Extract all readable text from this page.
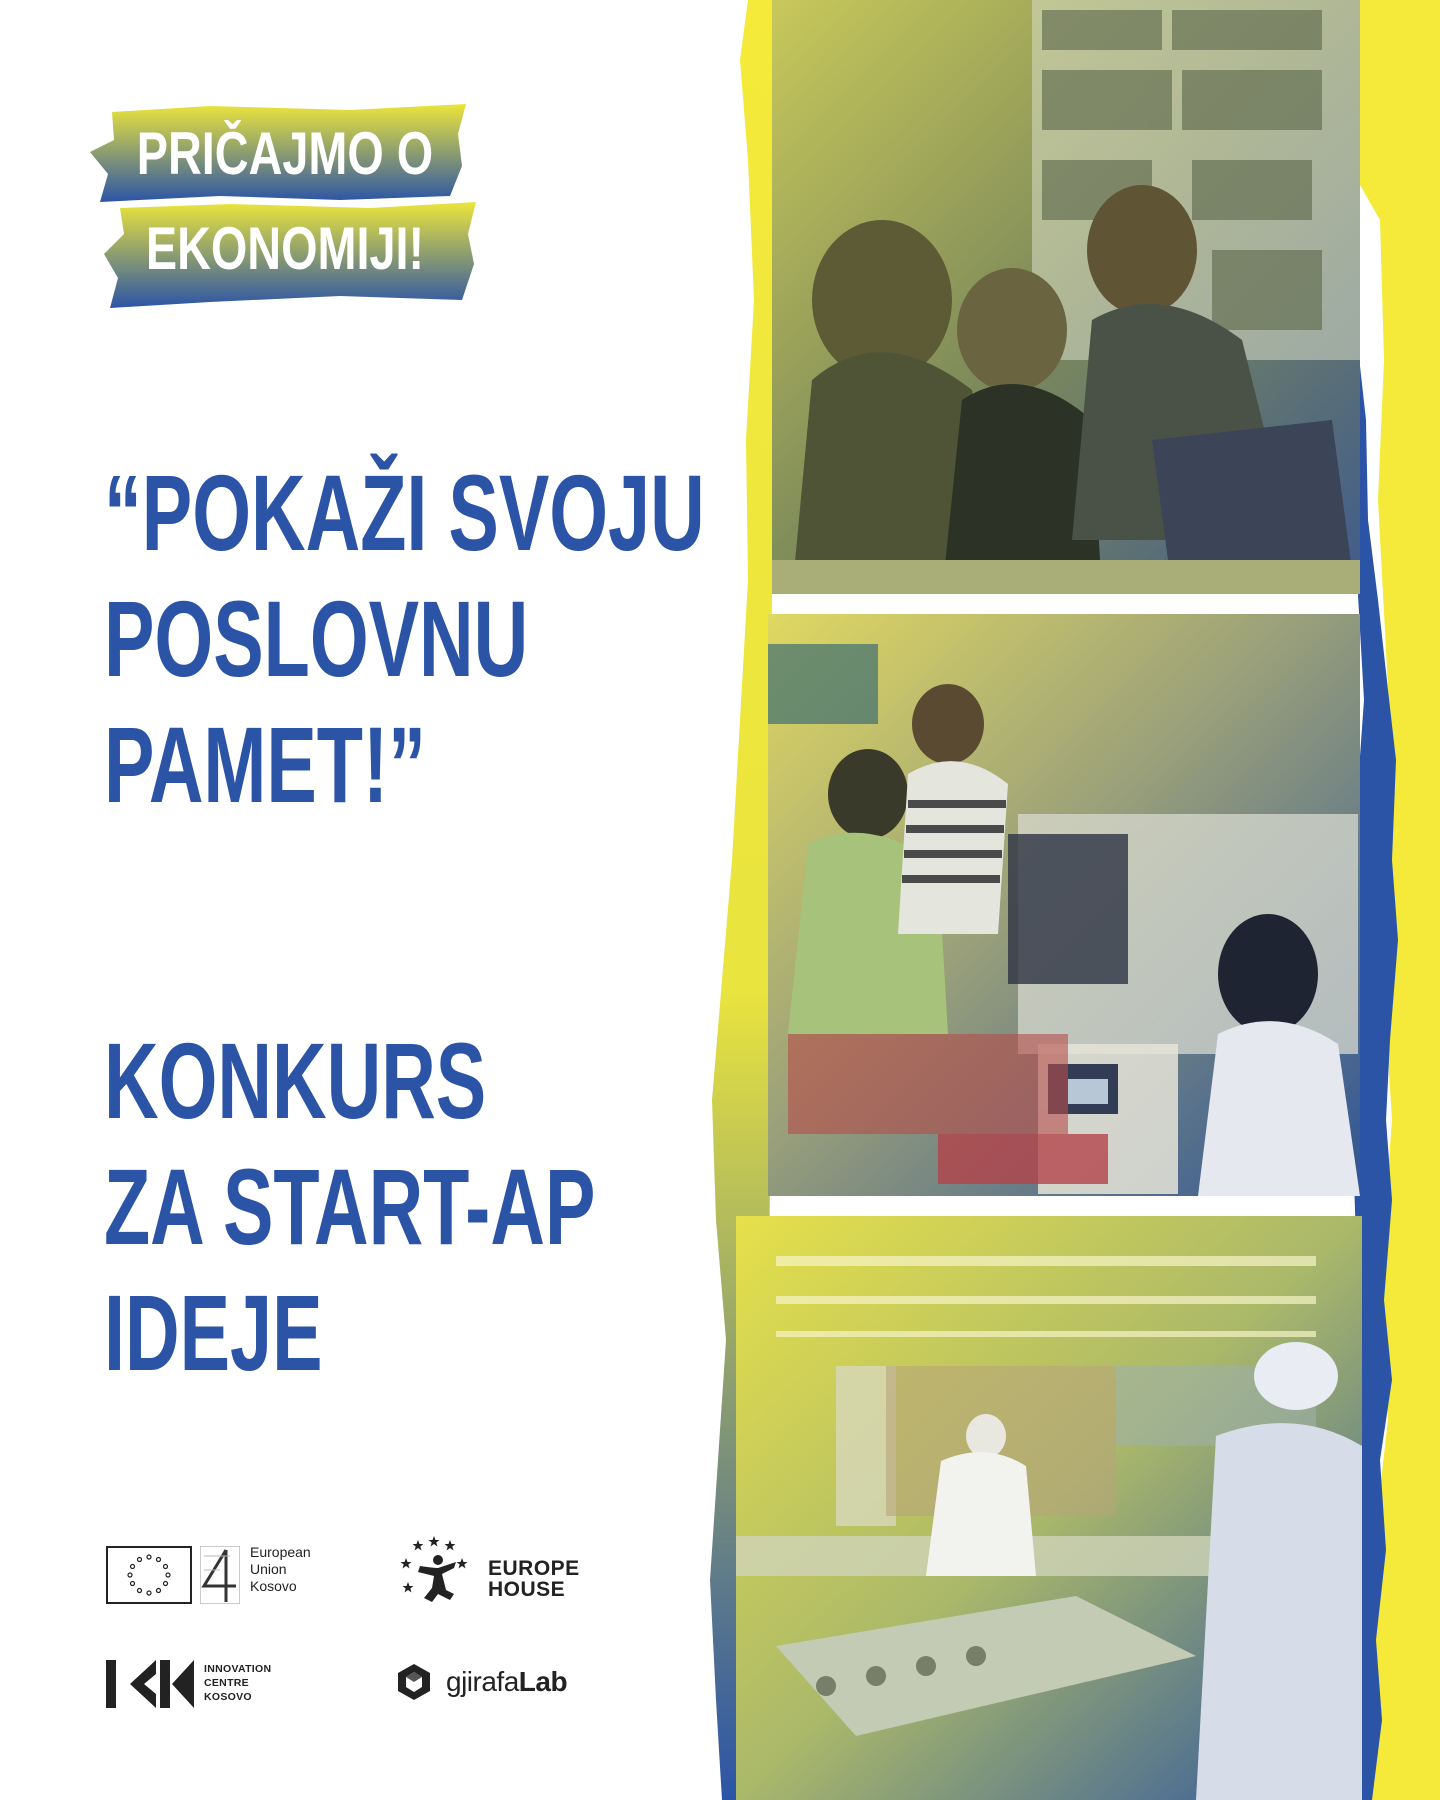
PRIČAJMO O
EKONOMIJI!
“POKAŽI SVOJU
POSLOVNU
PAMET!”
KONKURS
ZA START-AP
IDEJE
European
Union
Kosovo
EUROPE
HOUSE
INNOVATION
CENTRE
KOSOVO	gjirafaLab
